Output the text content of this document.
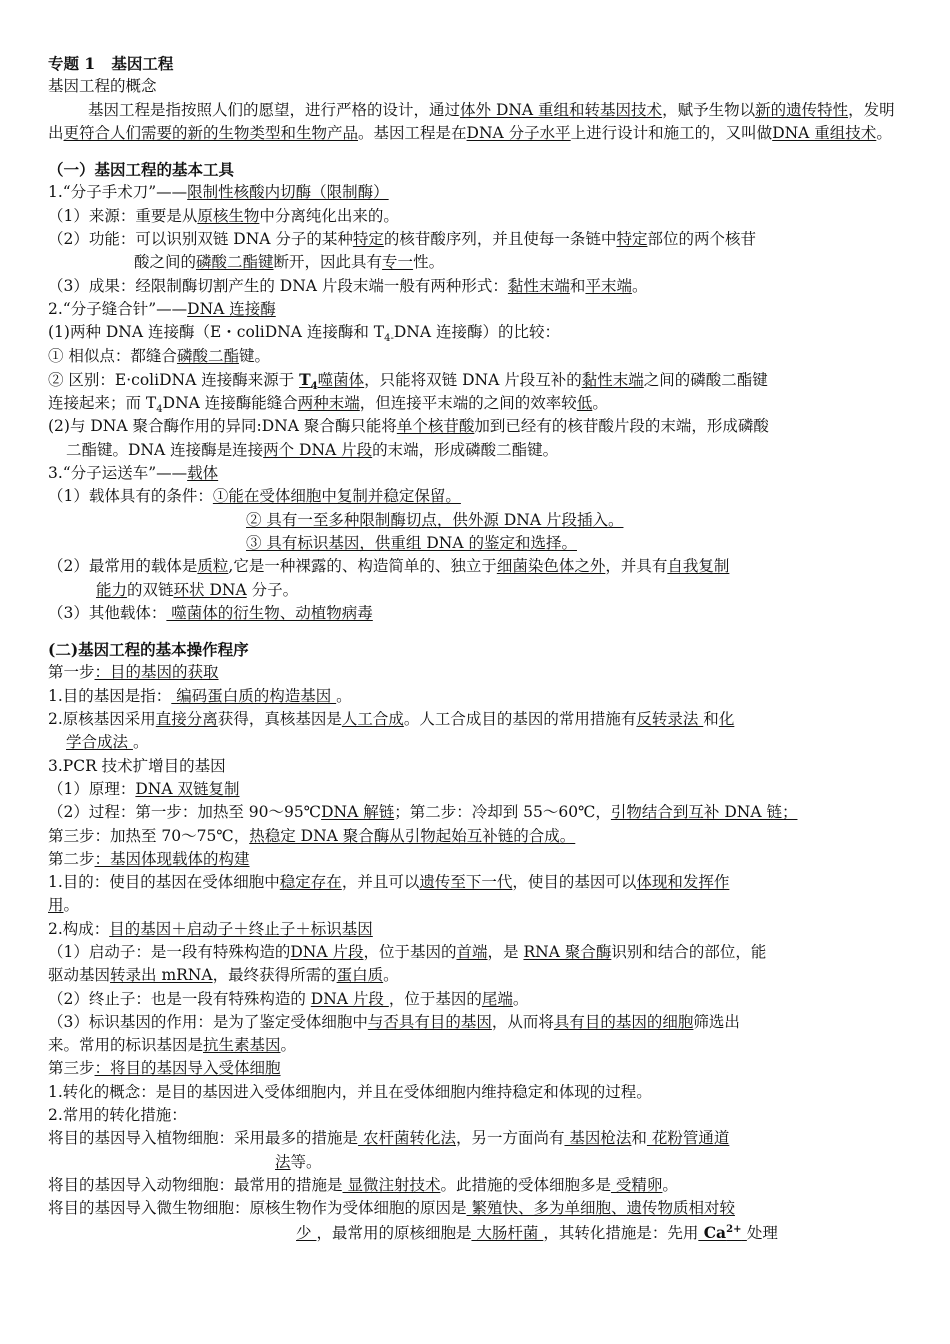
专题 1 基因工程
基因工程的概念
基因工程是指按照人们的愿望，进行严格的设计，通过体外 DNA 重组和转基因技术，赋予生物以新的遗传特性，发明出更符合人们需要的新的生物类型和生物产品。基因工程是在DNA 分子水平上进行设计和施工的，又叫做DNA 重组技术。
（一）基因工程的基本工具
1.“分子手术刀”——限制性核酸内切酶（限制酶）
（1）来源：重要是从原核生物中分离纯化出来的。
（2）功能：可以识别双链 DNA 分子的某种特定的核苷酸序列，并且使每一条链中特定部位的两个核苷
酸之间的磷酸二酯键断开，因此具有专一性。
（3）成果：经限制酶切割产生的 DNA 片段末端一般有两种形式：黏性末端和平末端。
2.“分子缝合针”——DNA 连接酶
(1)两种 DNA 连接酶（E・coliDNA 连接酶和 $T_{4-}DNA$ 连接酶）的比较：
① 相似点：都缝合磷酸二酯键。
② 区别：E·coliDNA 连接酶来源于 $T_4$噬菌体，只能将双链 DNA 片段互补的黏性末端之间的磷酸二酯键
连接起来；而 $T_4DNA$ 连接酶能缝合两种末端，但连接平末端的之间的效率较低。
(2)与 DNA 聚合酶作用的异同:DNA 聚合酶只能将单个核苷酸加到已经有的核苷酸片段的末端，形成磷酸
二酯键。DNA 连接酶是连接两个 DNA 片段的末端，形成磷酸二酯键。
3.“分子运送车”——载体
（1）载体具有的条件：①能在受体细胞中复制并稳定保留。
② 具有一至多种限制酶切点，供外源 DNA 片段插入。
③ 具有标识基因，供重组 DNA 的鉴定和选择。
（2）最常用的载体是质粒,它是一种裸露的、构造简单的、独立于细菌染色体之外，并具有自我复制
能力的双链环状 DNA 分子。
（3）其他载体： 噬菌体的衍生物、动植物病毒
(二)基因工程的基本操作程序
第一步：目的基因的获取
1.目的基因是指： 编码蛋白质的构造基因 。
2.原核基因采用直接分离获得，真核基因是人工合成。人工合成目的基因的常用措施有反转录法 和化
学合成法 。
3.PCR 技术扩增目的基因
（1）原理：DNA 双链复制
（2）过程：第一步：加热至 90～95℃DNA 解链；第二步：冷却到 55～60℃，引物结合到互补 DNA 链；
第三步：加热至 70～75℃，热稳定 DNA 聚合酶从引物起始互补链的合成。
第二步：基因体现载体的构建
1.目的：使目的基因在受体细胞中稳定存在，并且可以遗传至下一代，使目的基因可以体现和发挥作
用。
2.构成：目的基因＋启动子＋终止子＋标识基因
（1）启动子：是一段有特殊构造的DNA 片段，位于基因的首端，是 RNA 聚合酶识别和结合的部位，能
驱动基因转录出 mRNA，最终获得所需的蛋白质。
（2）终止子：也是一段有特殊构造的 DNA 片段 ，位于基因的尾端。
（3）标识基因的作用：是为了鉴定受体细胞中与否具有目的基因，从而将具有目的基因的细胞筛选出
来。常用的标识基因是抗生素基因。
第三步：将目的基因导入受体细胞
1.转化的概念：是目的基因进入受体细胞内，并且在受体细胞内维持稳定和体现的过程。
2.常用的转化措施：
将目的基因导入植物细胞：采用最多的措施是 农杆菌转化法，另一方面尚有 基因枪法和 花粉管通道
法等。
将目的基因导入动物细胞：最常用的措施是 显微注射技术。此措施的受体细胞多是 受精卵。
将目的基因导入微生物细胞：原核生物作为受体细胞的原因是 繁殖快、多为单细胞、遗传物质相对较
少 ，最常用的原核细胞是 大肠杆菌 ，其转化措施是：先用 $Ca^{2+}$ 处理
